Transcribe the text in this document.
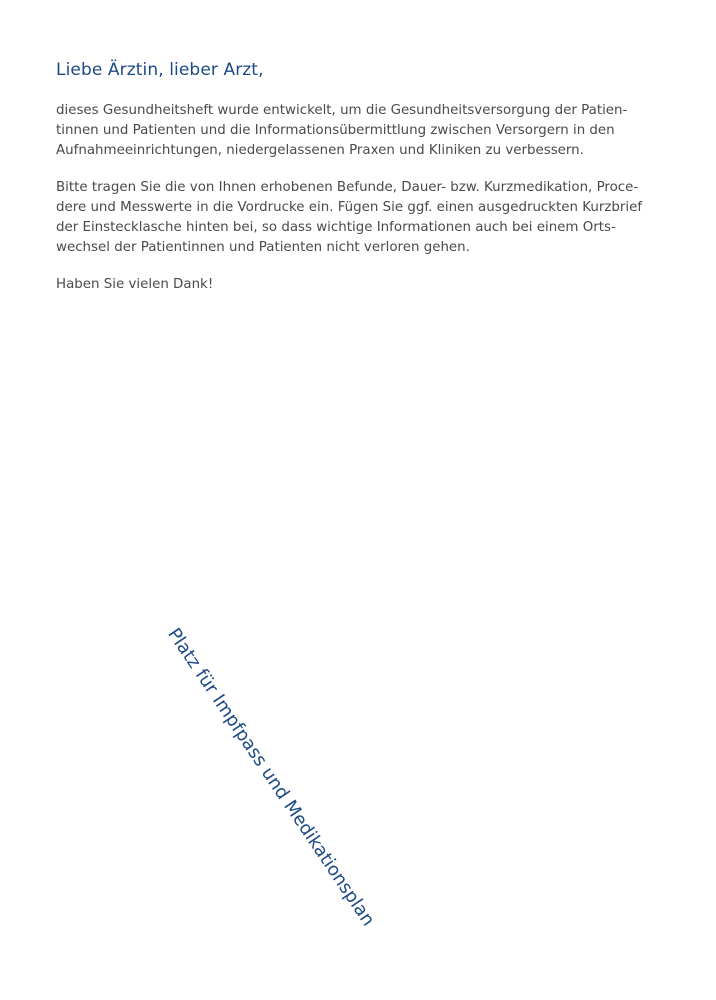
Liebe Ärztin, lieber Arzt,

dieses Gesundheitsheft wurde entwickelt, um die Gesundheitsversorgung der Patien-
tinnen und Patienten und die Informationsübermittlung zwischen Versorgern in den
Aufnahmeeinrichtungen, niedergelassenen Praxen und Kliniken zu verbessern.

Bitte tragen Sie die von Ihnen erhobenen Befunde, Dauer- bzw. Kurzmedikation, Proce-
dere und Messwerte in die Vordrucke ein. Fügen Sie ggf. einen ausgedruckten Kurzbrief
der Einstecklasche hinten bei, so dass wichtige Informationen auch bei einem Orts-
wechsel der Patientinnen und Patienten nicht verloren gehen.

Haben Sie vielen Dank!

Platz für Impfpass und Medikationsplan
